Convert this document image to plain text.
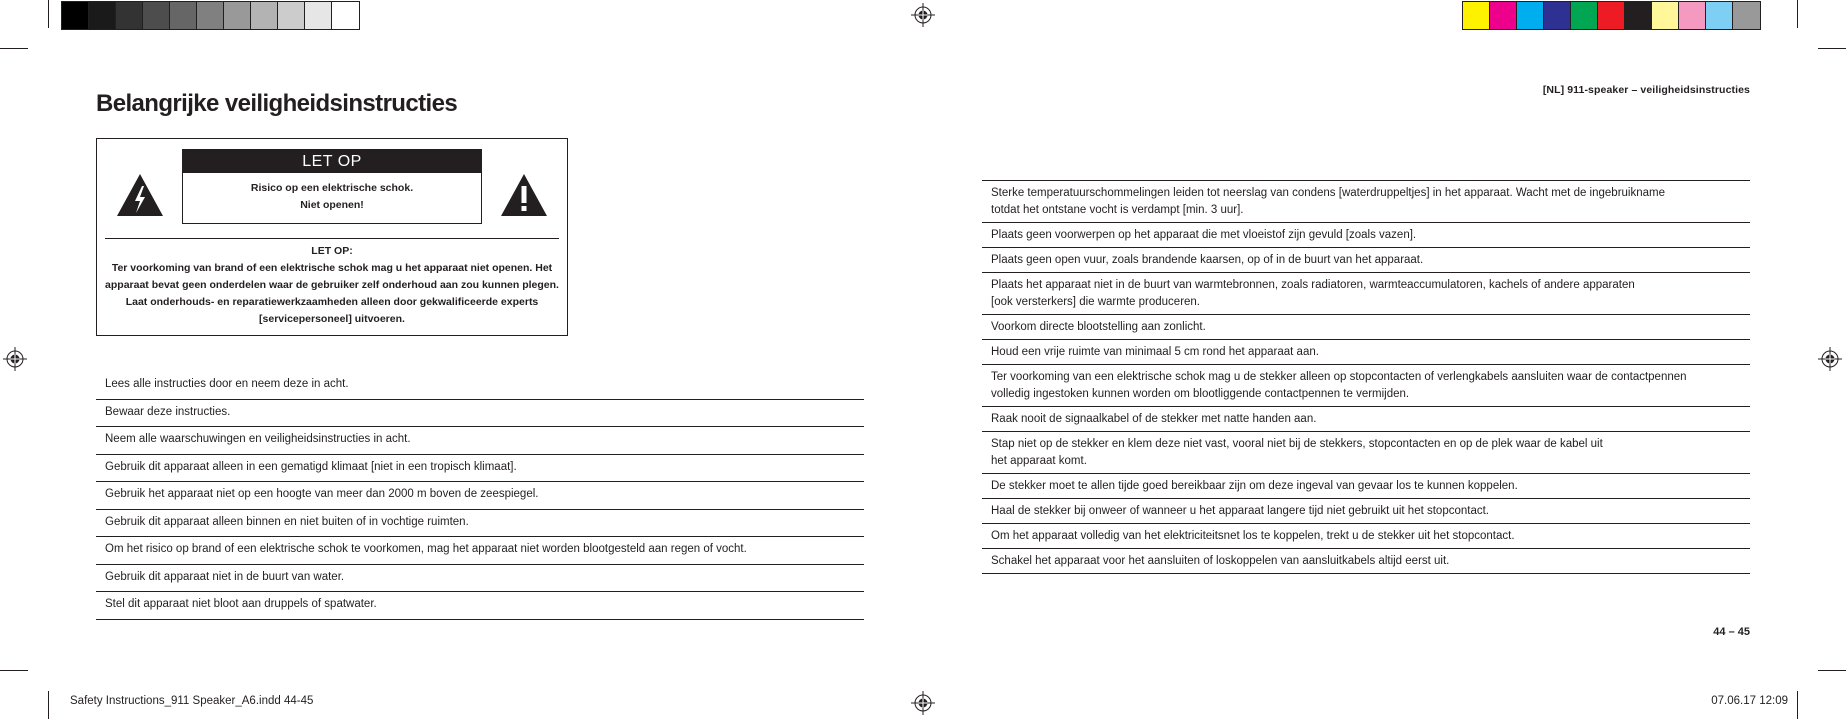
Belangrijke veiligheidsinstructies	[NL] 911-speaker – veiligheidsinstructies
LET OP
Risico op een elektrische schok.
Niet openen!
LET OP:
Ter voorkoming van brand of een elektrische schok mag u het apparaat niet openen. Het apparaat bevat geen onderdelen waar de gebruiker zelf onderhoud aan zou kunnen plegen. Laat onderhouds- en reparatiewerkzaamheden alleen door gekwalificeerde experts [servicepersoneel] uitvoeren.
Lees alle instructies door en neem deze in acht.
Bewaar deze instructies.
Neem alle waarschuwingen en veiligheidsinstructies in acht.
Gebruik dit apparaat alleen in een gematigd klimaat [niet in een tropisch klimaat].
Gebruik het apparaat niet op een hoogte van meer dan 2000 m boven de zeespiegel.
Gebruik dit apparaat alleen binnen en niet buiten of in vochtige ruimten.
Om het risico op brand of een elektrische schok te voorkomen, mag het apparaat niet worden blootgesteld aan regen of vocht.
Gebruik dit apparaat niet in de buurt van water.
Stel dit apparaat niet bloot aan druppels of spatwater.
Sterke temperatuurschommelingen leiden tot neerslag van condens [waterdruppeltjes] in het apparaat. Wacht met de ingebruikname
totdat het ontstane vocht is verdampt [min. 3 uur].
Plaats geen voorwerpen op het apparaat die met vloeistof zijn gevuld [zoals vazen].
Plaats geen open vuur, zoals brandende kaarsen, op of in de buurt van het apparaat.
Plaats het apparaat niet in de buurt van warmtebronnen, zoals radiatoren, warmteaccumulatoren, kachels of andere apparaten
[ook versterkers] die warmte produceren.
Voorkom directe blootstelling aan zonlicht.
Houd een vrije ruimte van minimaal 5 cm rond het apparaat aan.
Ter voorkoming van een elektrische schok mag u de stekker alleen op stopcontacten of verlengkabels aansluiten waar de contactpennen
volledig ingestoken kunnen worden om blootliggende contactpennen te vermijden.
Raak nooit de signaalkabel of de stekker met natte handen aan.
Stap niet op de stekker en klem deze niet vast, vooral niet bij de stekkers, stopcontacten en op de plek waar de kabel uit
het apparaat komt.
De stekker moet te allen tijde goed bereikbaar zijn om deze ingeval van gevaar los te kunnen koppelen.
Haal de stekker bij onweer of wanneer u het apparaat langere tijd niet gebruikt uit het stopcontact.
Om het apparaat volledig van het elektriciteitsnet los te koppelen, trekt u de stekker uit het stopcontact.
Schakel het apparaat voor het aansluiten of loskoppelen van aansluitkabels altijd eerst uit.
44 – 45
Safety Instructions_911 Speaker_A6.indd 44-45	07.06.17 12:09
